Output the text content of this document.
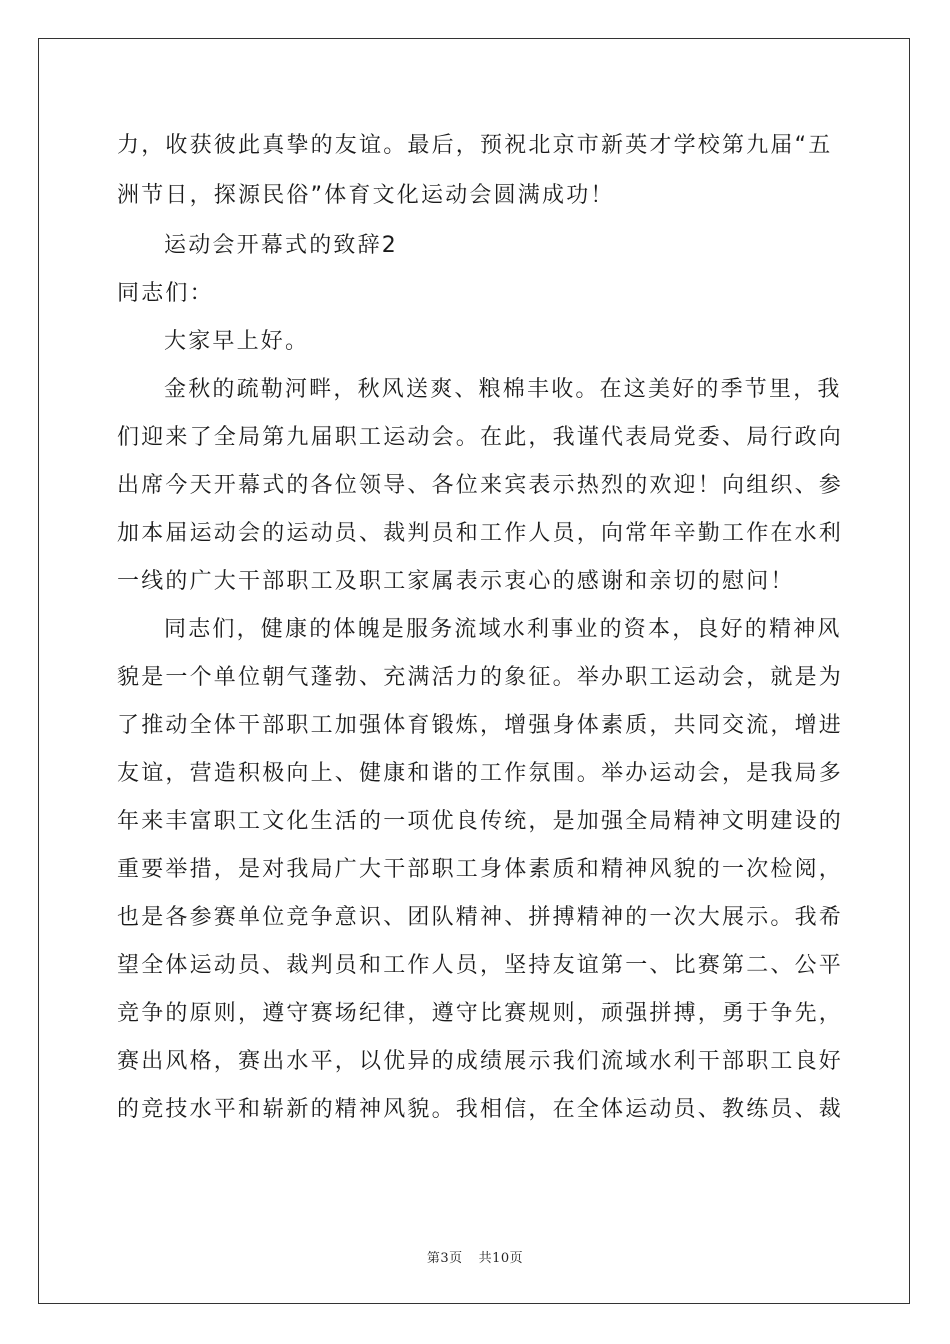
力，收获彼此真挚的友谊。最后，预祝北京市新英才学校第九届“五
洲节日，探源民俗”体育文化运动会圆满成功！
运动会开幕式的致辞2
同志们：
大家早上好。
金秋的疏勒河畔，秋风送爽、粮棉丰收。在这美好的季节里，我
们迎来了全局第九届职工运动会。在此，我谨代表局党委、局行政向
出席今天开幕式的各位领导、各位来宾表示热烈的欢迎！向组织、参
加本届运动会的运动员、裁判员和工作人员，向常年辛勤工作在水利
一线的广大干部职工及职工家属表示衷心的感谢和亲切的慰问！
同志们，健康的体魄是服务流域水利事业的资本，良好的精神风
貌是一个单位朝气蓬勃、充满活力的象征。举办职工运动会，就是为
了推动全体干部职工加强体育锻炼，增强身体素质，共同交流，增进
友谊，营造积极向上、健康和谐的工作氛围。举办运动会，是我局多
年来丰富职工文化生活的一项优良传统，是加强全局精神文明建设的
重要举措，是对我局广大干部职工身体素质和精神风貌的一次检阅，
也是各参赛单位竞争意识、团队精神、拼搏精神的一次大展示。我希
望全体运动员、裁判员和工作人员，坚持友谊第一、比赛第二、公平
竞争的原则，遵守赛场纪律，遵守比赛规则，顽强拼搏，勇于争先，
赛出风格，赛出水平，以优异的成绩展示我们流域水利干部职工良好
的竞技水平和崭新的精神风貌。我相信，在全体运动员、教练员、裁
第3页 共10页
